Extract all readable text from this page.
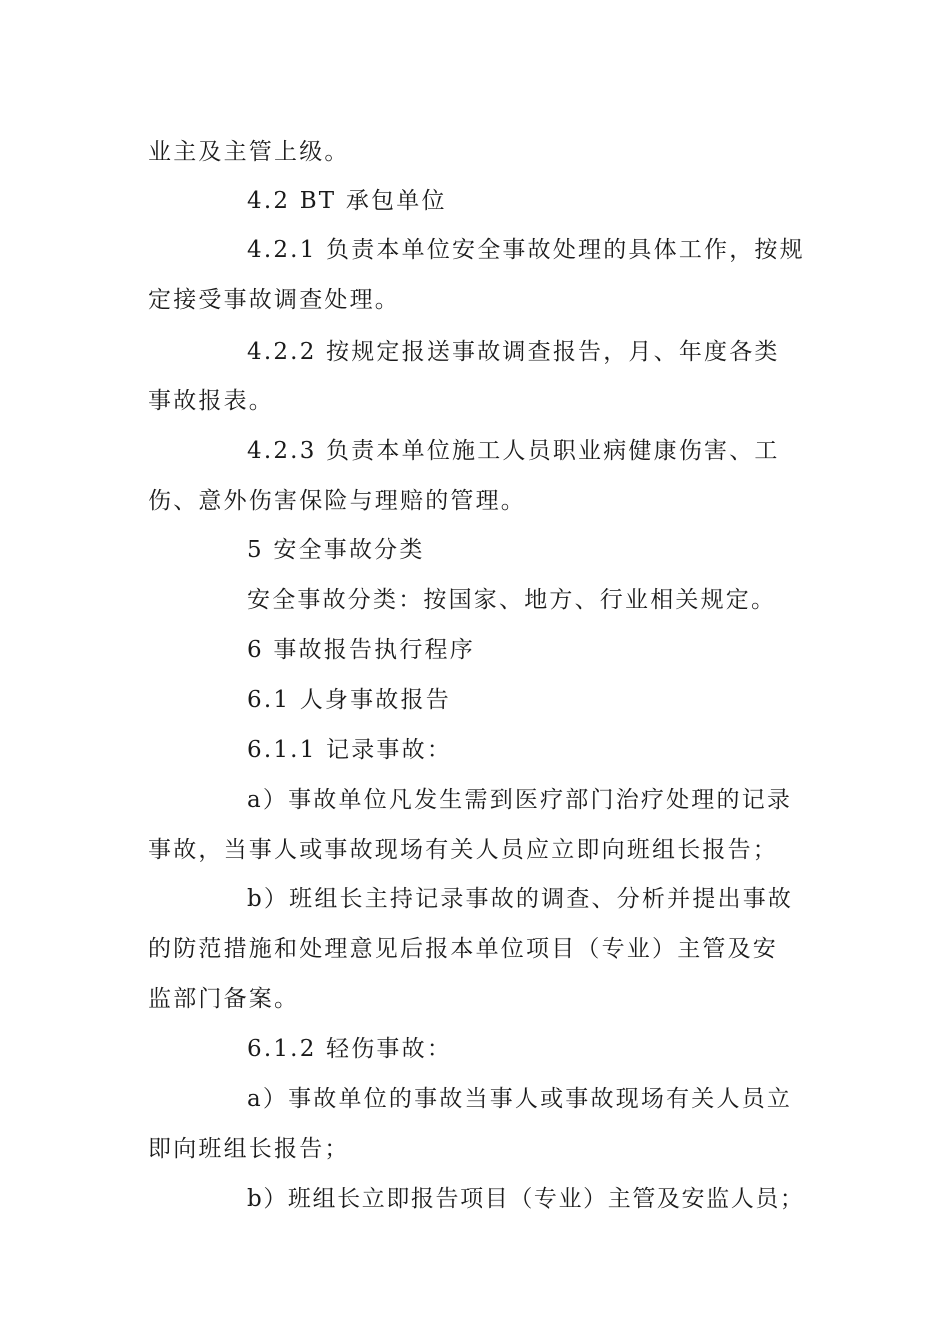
业主及主管上级。
4.2 BT 承包单位
4.2.1 负责本单位安全事故处理的具体工作，按规
定接受事故调查处理。
4.2.2 按规定报送事故调查报告，月、年度各类
事故报表。
4.2.3 负责本单位施工人员职业病健康伤害、工
伤、意外伤害保险与理赔的管理。
5 安全事故分类
安全事故分类：按国家、地方、行业相关规定。
6 事故报告执行程序
6.1 人身事故报告
6.1.1 记录事故：
a）事故单位凡发生需到医疗部门治疗处理的记录
事故，当事人或事故现场有关人员应立即向班组长报告；
b）班组长主持记录事故的调查、分析并提出事故
的防范措施和处理意见后报本单位项目（专业）主管及安
监部门备案。
6.1.2 轻伤事故：
a）事故单位的事故当事人或事故现场有关人员立
即向班组长报告；
b）班组长立即报告项目（专业）主管及安监人员；
